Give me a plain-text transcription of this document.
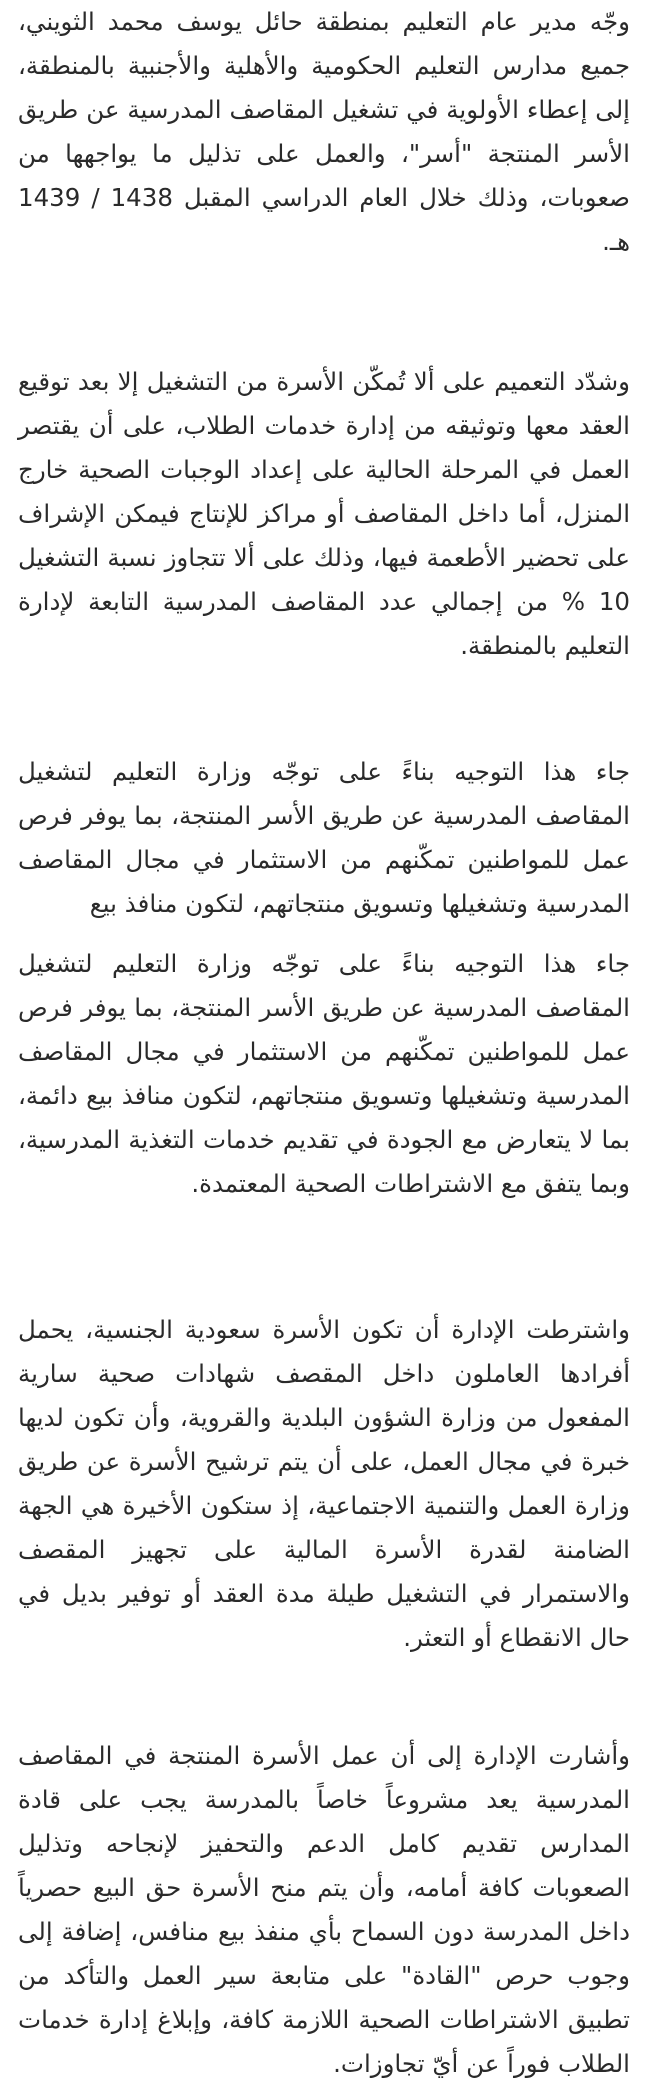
وجّه مدير عام التعليم بمنطقة حائل يوسف محمد الثويني، جميع مدارس التعليم الحكومية والأهلية والأجنبية بالمنطقة، إلى إعطاء الأولوية في تشغيل المقاصف المدرسية عن طريق الأسر المنتجة "أسر"، والعمل على تذليل ما يواجهها من صعوبات، وذلك خلال العام الدراسي المقبل 1438 / 1439 هـ.

وشدّد التعميم على ألا تُمكّن الأسرة من التشغيل إلا بعد توقيع العقد معها وتوثيقه من إدارة خدمات الطلاب، على أن يقتصر العمل في المرحلة الحالية على إعداد الوجبات الصحية خارج المنزل، أما داخل المقاصف أو مراكز للإنتاج فيمكن الإشراف على تحضير الأطعمة فيها، وذلك على ألا تتجاوز نسبة التشغيل 10 % من إجمالي عدد المقاصف المدرسية التابعة لإدارة التعليم بالمنطقة.

جاء هذا التوجيه بناءً على توجّه وزارة التعليم لتشغيل المقاصف المدرسية عن طريق الأسر المنتجة، بما يوفر فرص عمل للمواطنين تمكّنهم من الاستثمار في مجال المقاصف المدرسية وتشغيلها وتسويق منتجاتهم، لتكون منافذ بيع

جاء هذا التوجيه بناءً على توجّه وزارة التعليم لتشغيل المقاصف المدرسية عن طريق الأسر المنتجة، بما يوفر فرص عمل للمواطنين تمكّنهم من الاستثمار في مجال المقاصف المدرسية وتشغيلها وتسويق منتجاتهم، لتكون منافذ بيع دائمة، بما لا يتعارض مع الجودة في تقديم خدمات التغذية المدرسية، وبما يتفق مع الاشتراطات الصحية المعتمدة.

واشترطت الإدارة أن تكون الأسرة سعودية الجنسية، يحمل أفرادها العاملون داخل المقصف شهادات صحية سارية المفعول من وزارة الشؤون البلدية والقروية، وأن تكون لديها خبرة في مجال العمل، على أن يتم ترشيح الأسرة عن طريق وزارة العمل والتنمية الاجتماعية، إذ ستكون الأخيرة هي الجهة الضامنة لقدرة الأسرة المالية على تجهيز المقصف والاستمرار في التشغيل طيلة مدة العقد أو توفير بديل في حال الانقطاع أو التعثر.

وأشارت الإدارة إلى أن عمل الأسرة المنتجة في المقاصف المدرسية يعد مشروعاً خاصاً بالمدرسة يجب على قادة المدارس تقديم كامل الدعم والتحفيز لإنجاحه وتذليل الصعوبات كافة أمامه، وأن يتم منح الأسرة حق البيع حصرياً داخل المدرسة دون السماح بأي منفذ بيع منافس، إضافة إلى وجوب حرص "القادة" على متابعة سير العمل والتأكد من تطبيق الاشتراطات الصحية اللازمة كافة، وإبلاغ إدارة خدمات الطلاب فوراً عن أيّ تجاوزات.
